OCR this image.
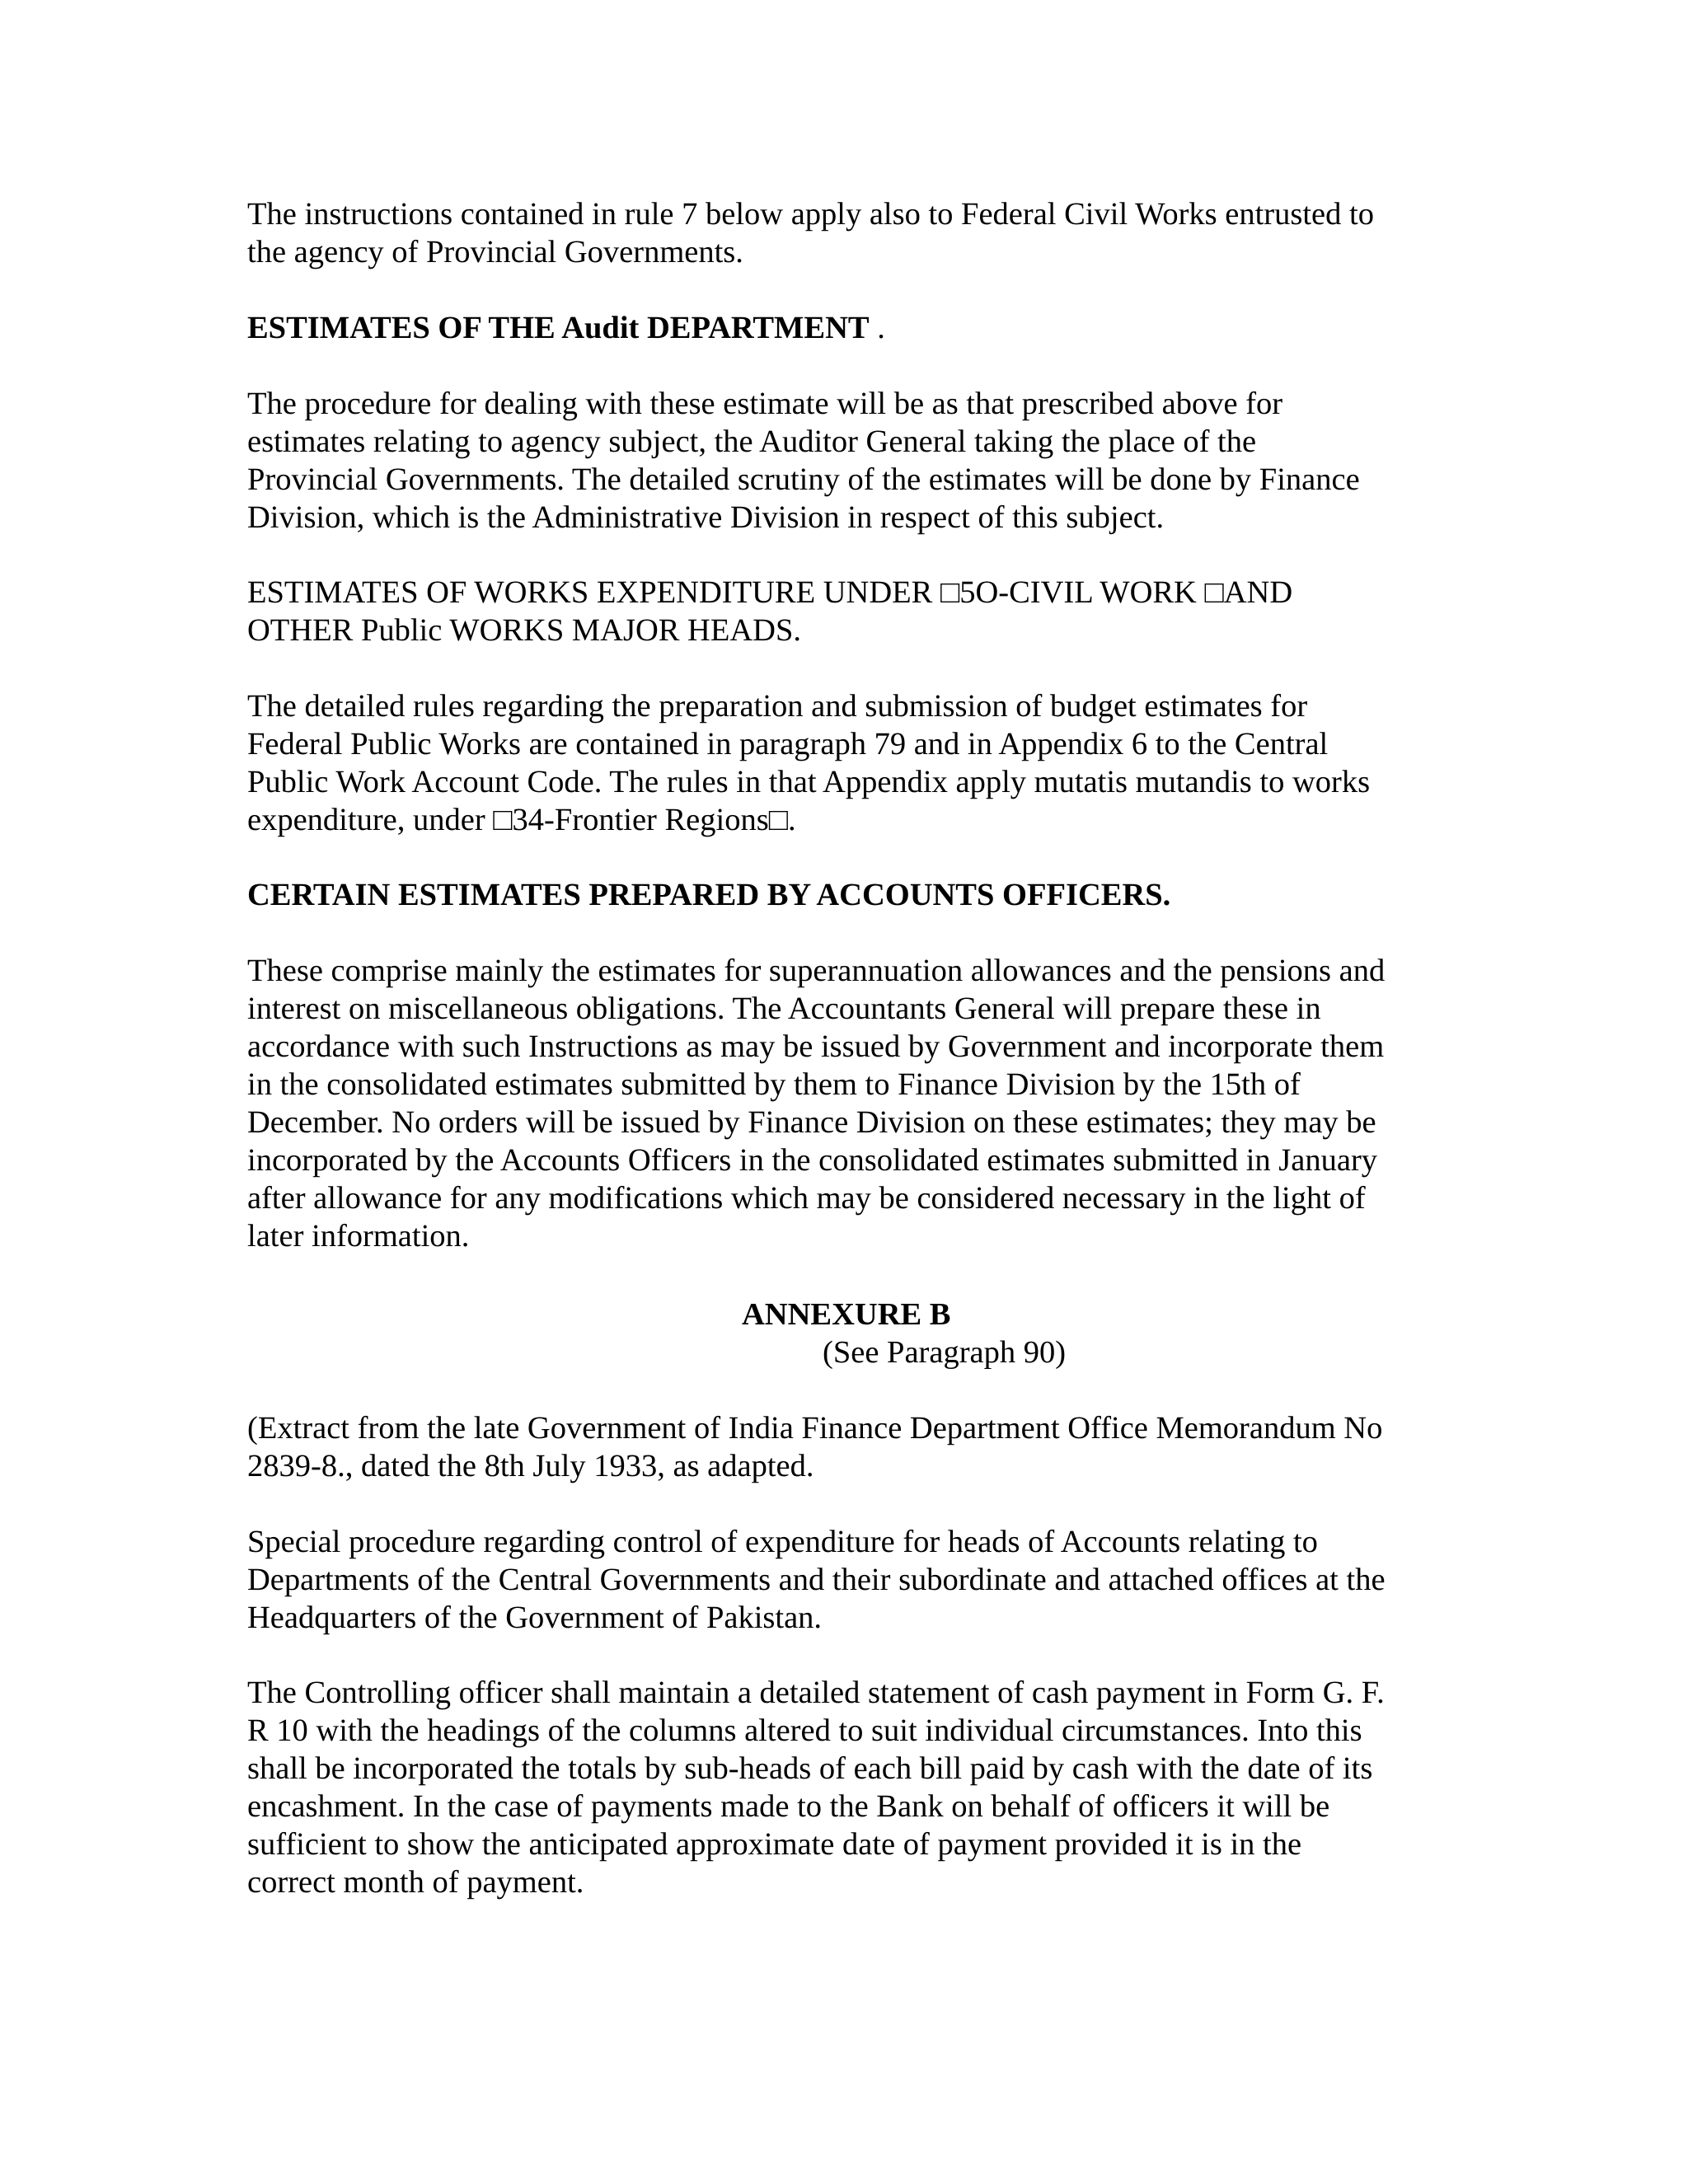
The instructions contained in rule 7 below apply also to Federal Civil Works entrusted to
the agency of Provincial Governments.

ESTIMATES OF THE Audit DEPARTMENT .

The procedure for dealing with these estimate will be as that prescribed above for
estimates relating to agency subject, the Auditor General taking the place of the
Provincial Governments. The detailed scrutiny of the estimates will be done by Finance
Division, which is the Administrative Division in respect of this subject.

ESTIMATES OF WORKS EXPENDITURE UNDER □5O-CIVIL WORK □AND
OTHER Public WORKS MAJOR HEADS.

The detailed rules regarding the preparation and submission of budget estimates for
Federal Public Works are contained in paragraph 79 and in Appendix 6 to the Central
Public Work Account Code. The rules in that Appendix apply mutatis mutandis to works
expenditure, under □34-Frontier Regions□.

CERTAIN ESTIMATES PREPARED BY ACCOUNTS OFFICERS.

These comprise mainly the estimates for superannuation allowances and the pensions and
interest on miscellaneous obligations. The Accountants General will prepare these in
accordance with such Instructions as may be issued by Government and incorporate them
in the consolidated estimates submitted by them to Finance Division by the 15th of
December. No orders will be issued by Finance Division on these estimates; they may be
incorporated by the Accounts Officers in the consolidated estimates submitted in January
after allowance for any modifications which may be considered necessary in the light of
later information.

ANNEXURE B
(See Paragraph 90)

(Extract from the late Government of India Finance Department Office Memorandum No
2839-8., dated the 8th July 1933, as adapted.

Special procedure regarding control of expenditure for heads of Accounts relating to
Departments of the Central Governments and their subordinate and attached offices at the
Headquarters of the Government of Pakistan.

The Controlling officer shall maintain a detailed statement of cash payment in Form G. F.
R 10 with the headings of the columns altered to suit individual circumstances. Into this
shall be incorporated the totals by sub-heads of each bill paid by cash with the date of its
encashment. In the case of payments made to the Bank on behalf of officers it will be
sufficient to show the anticipated approximate date of payment provided it is in the
correct month of payment.
